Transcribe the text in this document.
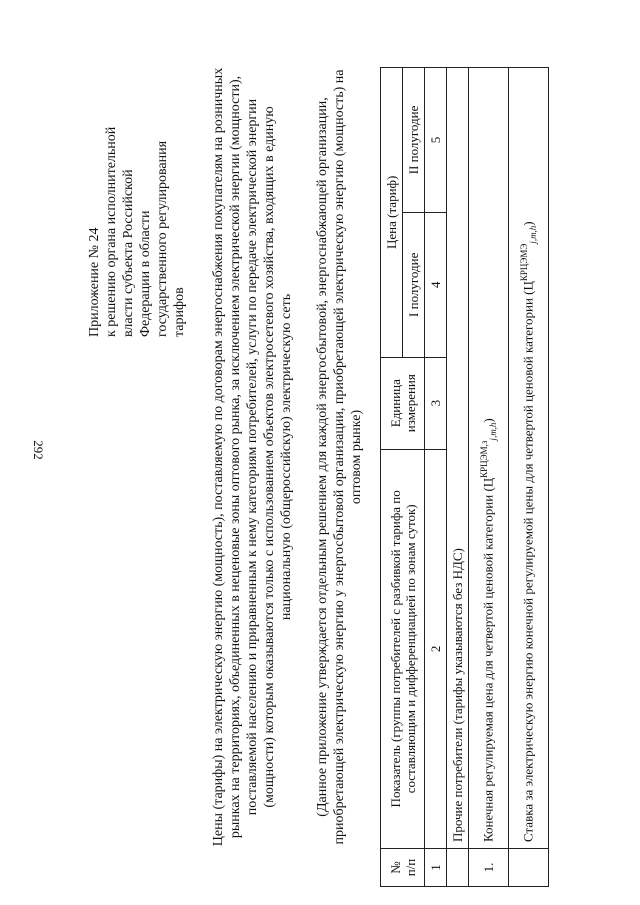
292
Приложение № 24 к решению органа исполнительной власти субъекта Российской Федерации в области государственного регулирования тарифов Цены (тарифы) на электрическую энергию (мощность), поставляемую по договорам энергоснабжения покупателям на розничных рынках на территориях, объединенных в неценовые зоны оптового рынка, за исключением электрической энергии (мощности), поставляемой населению и приравненным к нему категориям потребителей, услуги по передаче электрической энергии (мощности) которым оказываются только с использованием объектов электросетевого хозяйства, входящих в единую национальную (общероссийскую) электрическую сеть (Данное приложение утверждается отдельным решением для каждой энергосбытовой, энергоснабжающей организации, приобретающей электрическую энергию у энергосбытовой организации, приобретающей электрическую энергию (мощность) на оптовом рынке)
№ п/п	Показатель (группы потребителей с разбивкой тарифа по составляющим и дифференциацией по зонам суток)	Единица измерения	Цена (тариф)	
			I полугодие	II полугодие
1	2	3	4	5
	Прочие потребители (тарифы указываются без НДС)			
1.	Конечная регулируемая цена для четвертой ценовой категории $(Ц^{КРЦЭМ,з}_{j,m,h})$			
	Ставка за электрическую энергию конечной регулируемой цены для четвертой ценовой категории $(Ц^{КРЦЭМЭ}_{j,m,h})$			
